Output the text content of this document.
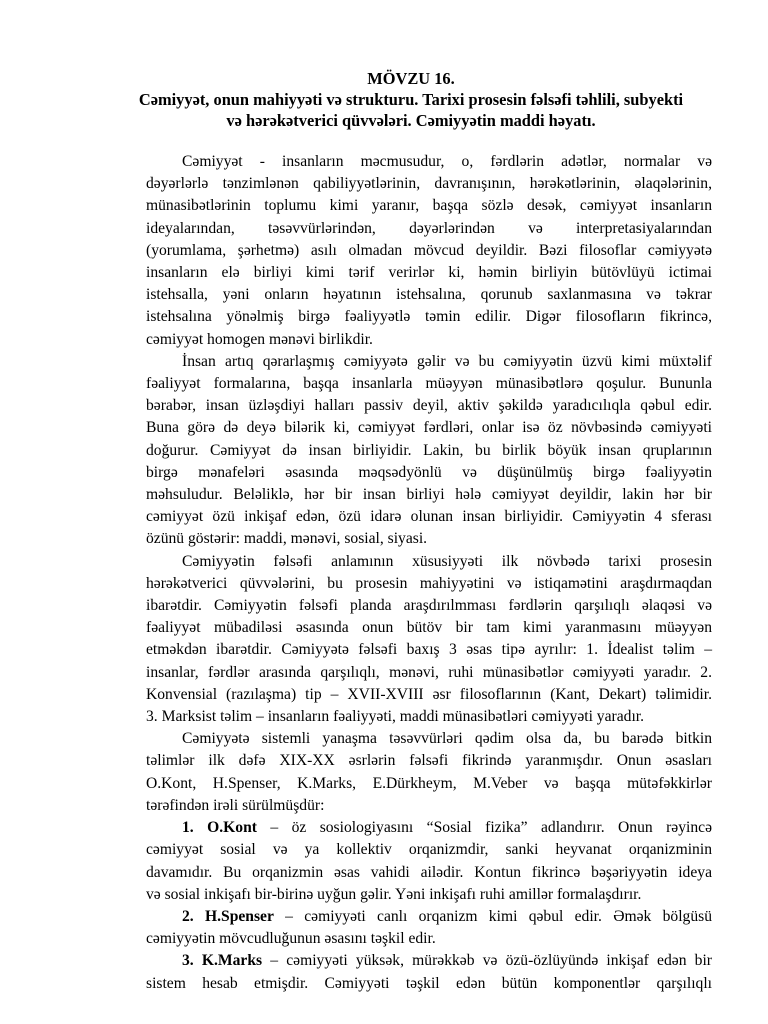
MÖVZU 16.
Cəmiyyət, onun mahiyyəti və strukturu. Tarixi prosesin fəlsəfi təhlili, subyekti
və hərəkətverici qüvvələri. Cəmiyyətin maddi həyatı.
Cəmiyyət - insanların məcmusudur, o, fərdlərin adətlər, normalar və
dəyərlərlə tənzimlənən qabiliyyətlərinin, davranışının, hərəkətlərinin, əlaqələrinin,
münasibətlərinin toplumu kimi yaranır, başqa sözlə desək, cəmiyyət insanların
ideyalarından, təsəvvürlərindən, dəyərlərindən və interpretasiyalarından
(yorumlama, şərhetmə) asılı olmadan mövcud deyildir. Bəzi filosoflar cəmiyyətə
insanların elə birliyi kimi tərif verirlər ki, həmin birliyin bütövlüyü ictimai
istehsalla, yəni onların həyatının istehsalına, qorunub saxlanmasına və təkrar
istehsalına yönəlmiş birgə fəaliyyətlə təmin edilir. Digər filosofların fikrincə,
cəmiyyət homogen mənəvi birlikdir.
İnsan artıq qərarlaşmış cəmiyyətə gəlir və bu cəmiyyətin üzvü kimi müxtəlif
fəaliyyət formalarına, başqa insanlarla müəyyən münasibətlərə qoşulur. Bununla
bərabər, insan üzləşdiyi halları passiv deyil, aktiv şəkildə yaradıcılıqla qəbul edir.
Buna görə də deyə bilərik ki, cəmiyyət fərdləri, onlar isə öz növbəsində cəmiyyəti
doğurur. Cəmiyyət də insan birliyidir. Lakin, bu birlik böyük insan qruplarının
birgə mənafeləri əsasında məqsədyönlü və düşünülmüş birgə fəaliyyətin
məhsuludur. Beləliklə, hər bir insan birliyi hələ cəmiyyət deyildir, lakin hər bir
cəmiyyət özü inkişaf edən, özü idarə olunan insan birliyidir. Cəmiyyətin 4 sferası
özünü göstərir: maddi, mənəvi, sosial, siyasi.
Cəmiyyətin fəlsəfi anlamının xüsusiyyəti ilk növbədə tarixi prosesin
hərəkətverici qüvvələrini, bu prosesin mahiyyətini və istiqamətini araşdırmaqdan
ibarətdir. Cəmiyyətin fəlsəfi planda araşdırılmması fərdlərin qarşılıqlı əlaqəsi və
fəaliyyət mübadiləsi əsasında onun bütöv bir tam kimi yaranmasını müəyyən
etməkdən ibarətdir. Cəmiyyətə fəlsəfi baxış 3 əsas tipə ayrılır: 1. İdealist təlim –
insanlar, fərdlər arasında qarşılıqlı, mənəvi, ruhi münasibətlər cəmiyyəti yaradır. 2.
Konvensial (razılaşma) tip – XVII-XVIII əsr filosoflarının (Kant, Dekart) təlimidir.
3. Marksist təlim – insanların fəaliyyəti, maddi münasibətləri cəmiyyəti yaradır.
Cəmiyyətə sistemli yanaşma təsəvvürləri qədim olsa da, bu barədə bitkin
təlimlər ilk dəfə XIX-XX əsrlərin fəlsəfi fikrində yaranmışdır. Onun əsasları
O.Kont, H.Spenser, K.Marks, E.Dürkheym, M.Veber və başqa mütəfəkkirlər
tərəfindən irəli sürülmüşdür:
1. O.Kont – öz sosiologiyasını “Sosial fizika” adlandırır. Onun rəyincə
cəmiyyət sosial və ya kollektiv orqanizmdir, sanki heyvanat orqanizminin
davamıdır. Bu orqanizmin əsas vahidi ailədir. Kontun fikrincə bəşəriyyətin ideya
və sosial inkişafı bir-birinə uyğun gəlir. Yəni inkişafı ruhi amillər formalaşdırır.
2. H.Spenser – cəmiyyəti canlı orqanizm kimi qəbul edir. Əmək bölgüsü
cəmiyyətin mövcudluğunun əsasını təşkil edir.
3. K.Marks – cəmiyyəti yüksək, mürəkkəb və özü-özlüyündə inkişaf edən bir
sistem hesab etmişdir. Cəmiyyəti təşkil edən bütün komponentlər qarşılıqlı
